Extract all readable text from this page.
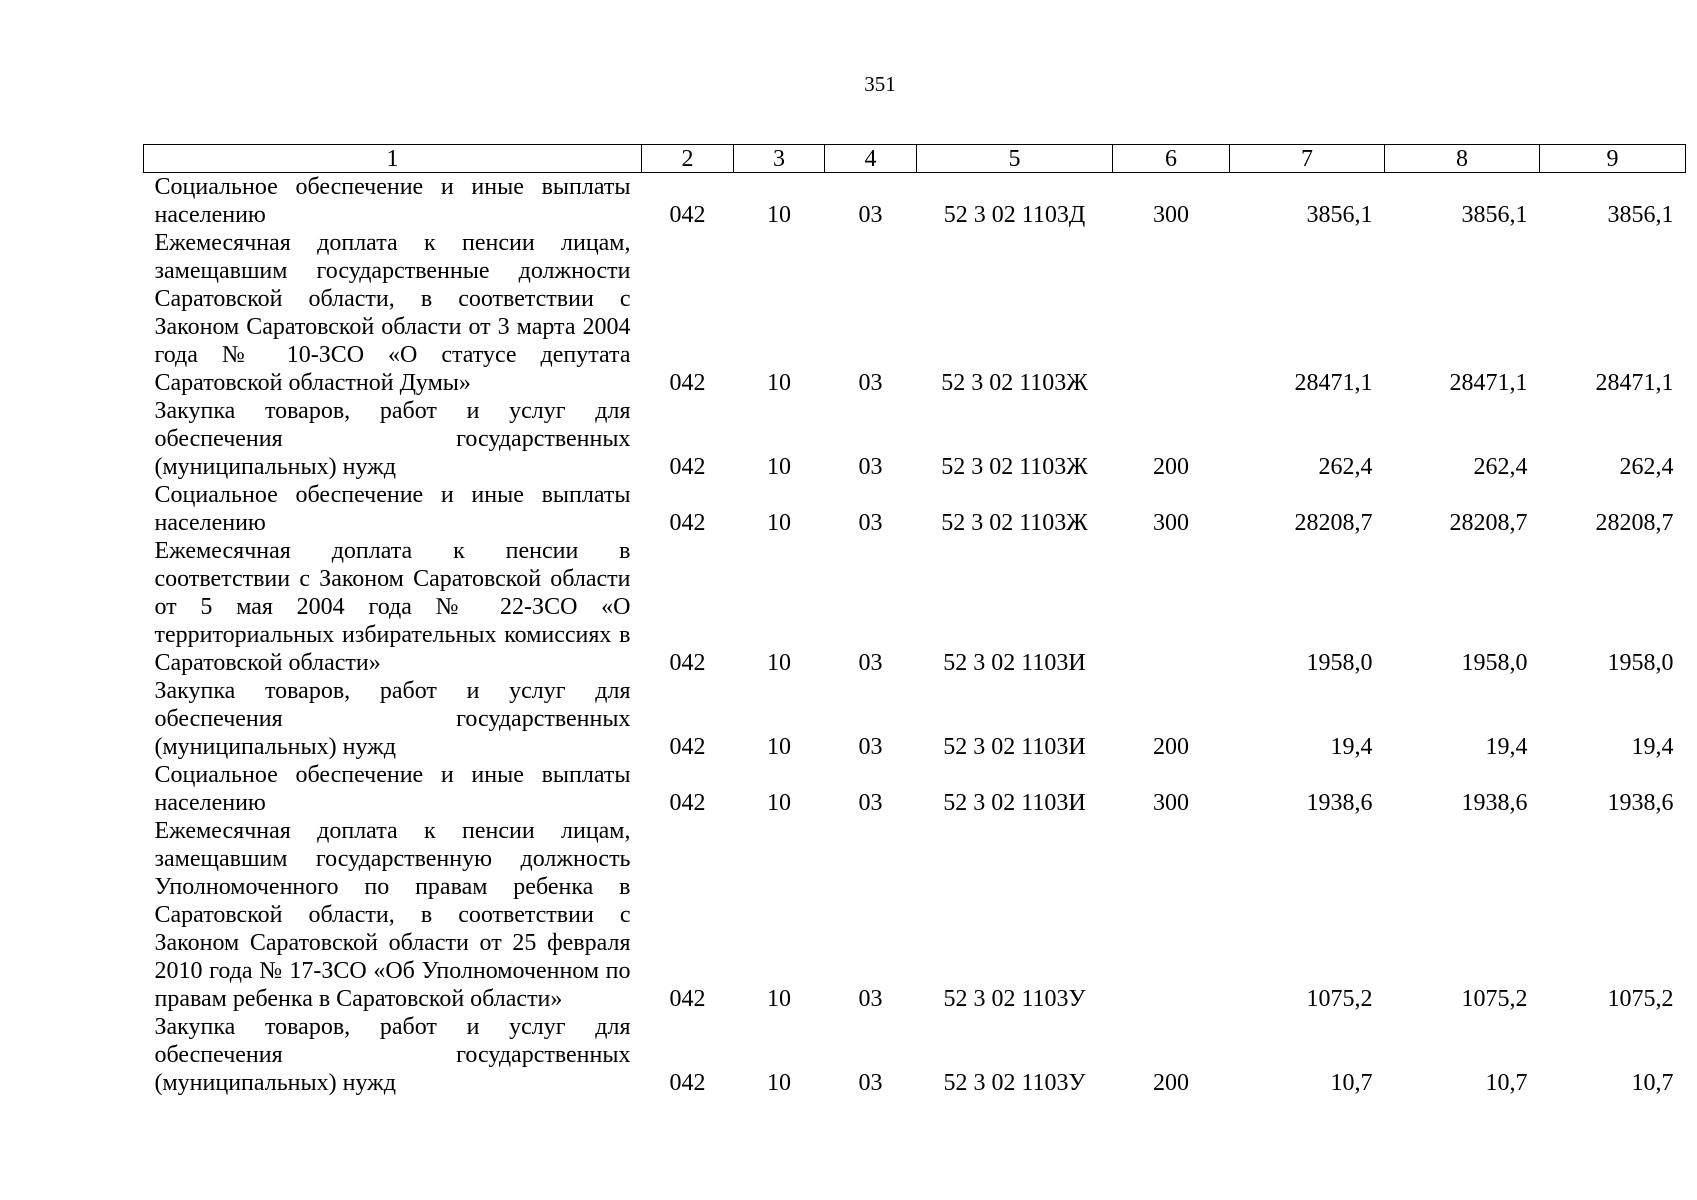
351
1	2	3	4	5	6	7	8	9
Социальное обеспечение и иные выплаты населению	042	10	03	52 3 02 1103Д	300	3856,1	3856,1	3856,1
Ежемесячная доплата к пенсии лицам, замещавшим государственные должности Саратовской области, в соответствии с Законом Саратовской области от 3 марта 2004 года № 10-ЗСО «О статусе депутата Саратовской областной Думы»	042	10	03	52 3 02 1103Ж		28471,1	28471,1	28471,1
Закупка товаров, работ и услуг для обеспечения государственных (муниципальных) нужд	042	10	03	52 3 02 1103Ж	200	262,4	262,4	262,4
Социальное обеспечение и иные выплаты населению	042	10	03	52 3 02 1103Ж	300	28208,7	28208,7	28208,7
Ежемесячная доплата к пенсии в соответствии с Законом Саратовской области от 5 мая 2004 года № 22-ЗСО «О территориальных избирательных комиссиях в Саратовской области»	042	10	03	52 3 02 1103И		1958,0	1958,0	1958,0
Закупка товаров, работ и услуг для обеспечения государственных (муниципальных) нужд	042	10	03	52 3 02 1103И	200	19,4	19,4	19,4
Социальное обеспечение и иные выплаты населению	042	10	03	52 3 02 1103И	300	1938,6	1938,6	1938,6
Ежемесячная доплата к пенсии лицам, замещавшим государственную должность Уполномоченного по правам ребенка в Саратовской области, в соответствии с Законом Саратовской области от 25 февраля 2010 года № 17-ЗСО «Об Уполномоченном по правам ребенка в Саратовской области»	042	10	03	52 3 02 1103У		1075,2	1075,2	1075,2
Закупка товаров, работ и услуг для обеспечения государственных (муниципальных) нужд	042	10	03	52 3 02 1103У	200	10,7	10,7	10,7
